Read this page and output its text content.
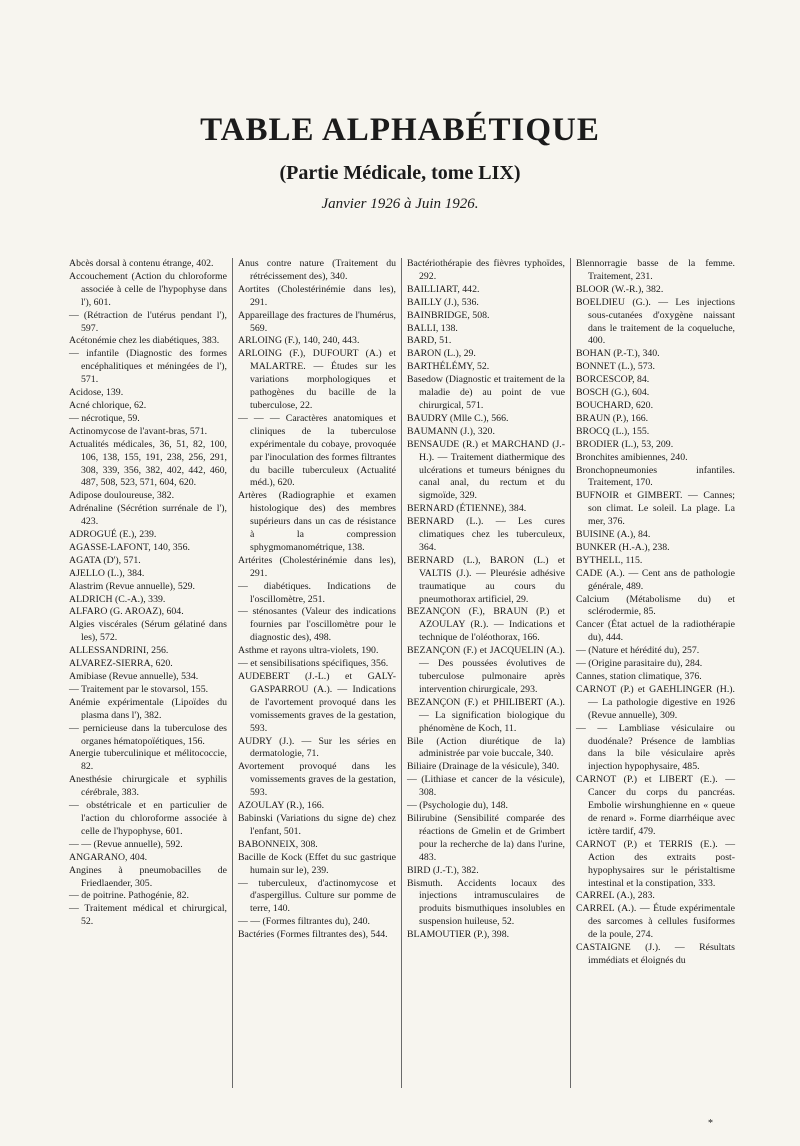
TABLE ALPHABÉTIQUE
(Partie Médicale, tome LIX)

Janvier 1926 à Juin 1926.

Abcès dorsal à contenu étrange, 402.

Accouchement (Action du chloroforme associée à celle de l'hypophyse dans l'), 601.

— (Rétraction de l'utérus pendant l'), 597.

Acétonémie chez les diabétiques, 383.

— infantile (Diagnostic des formes encéphalitiques et méningées de l'), 571.

Acidose, 139.

Acné chlorique, 62.

— nécrotique, 59.

Actinomycose de l'avant-bras, 571.

Actualités médicales, 36, 51, 82, 100, 106, 138, 155, 191, 238, 256, 291, 308, 339, 356, 382, 402, 442, 460, 487, 508, 523, 571, 604, 620.

Adipose douloureuse, 382.

Adrénaline (Sécrétion surrénale de l'), 423.

ADROGUÉ (E.), 239.

AGASSE-LAFONT, 140, 356.

AGATA (D'), 571.

AJELLO (L.), 384.

Alastrim (Revue annuelle), 529.

ALDRICH (C.-A.), 339.

ALFARO (G. AROAZ), 604.

Algies viscérales (Sérum gélatiné dans les), 572.

ALLESSANDRINI, 256.

ALVAREZ-SIERRA, 620.

Amibiase (Revue annuelle), 534.

— Traitement par le stovarsol, 155.

Anémie expérimentale (Lipoïdes du plasma dans l'), 382.

— pernicieuse dans la tuberculose des organes hématopoïétiques, 156.

Anergie tuberculinique et mélitococcie, 82.

Anesthésie chirurgicale et syphilis cérébrale, 383.

— obstétricale et en particulier de l'action du chloroforme associée à celle de l'hypophyse, 601.

— — (Revue annuelle), 592.

ANGARANO, 404.

Angines à pneumobacilles de Friedlaender, 305.

— de poitrine. Pathogénie, 82.

— Traitement médical et chirurgical, 52.

Anus contre nature (Traitement du rétrécissement des), 340.

Aortites (Cholestérinémie dans les), 291.

Appareillage des fractures de l'humérus, 569.

ARLOING (F.), 140, 240, 443.

ARLOING (F.), DUFOURT (A.) et MALARTRE. — Études sur les variations morphologiques et pathogènes du bacille de la tuberculose, 22.

— — — Caractères anatomiques et cliniques de la tuberculose expérimentale du cobaye, provoquée par l'inoculation des formes filtrantes du bacille tuberculeux (Actualité méd.), 620.

Artères (Radiographie et examen histologique des) des membres supérieurs dans un cas de résistance à la compression sphygmomanométrique, 138.

Artérites (Cholestérinémie dans les), 291.

— diabétiques. Indications de l'oscillomètre, 251.

— sténosantes (Valeur des indications fournies par l'oscillomètre pour le diagnostic des), 498.

Asthme et rayons ultra-violets, 190.

— et sensibilisations spécifiques, 356.

AUDEBERT (J.-L.) et GALY-GASPARROU (A.). — Indications de l'avortement provoqué dans les vomissements graves de la gestation, 593.

AUDRY (J.). — Sur les séries en dermatologie, 71.

Avortement provoqué dans les vomissements graves de la gestation, 593.

AZOULAY (R.), 166.

Babinski (Variations du signe de) chez l'enfant, 501.

BABONNEIX, 308.

Bacille de Kock (Effet du suc gastrique humain sur le), 239.

— tuberculeux, d'actinomycose et d'aspergillus. Culture sur pomme de terre, 140.

— — (Formes filtrantes du), 240.

Bactéries (Formes filtrantes des), 544.

Bactériothérapie des fièvres typhoïdes, 292.

BAILLIART, 442.

BAILLY (J.), 536.

BAINBRIDGE, 508.

BALLI, 138.

BARD, 51.

BARON (L.), 29.

BARTHÉLÉMY, 52.

Basedow (Diagnostic et traitement de la maladie de) au point de vue chirurgical, 571.

BAUDRY (Mlle C.), 566.

BAUMANN (J.), 320.

BENSAUDE (R.) et MARCHAND (J.-H.). — Traitement diathermique des ulcérations et tumeurs bénignes du canal anal, du rectum et du sigmoïde, 329.

BERNARD (ÉTIENNE), 384.

BERNARD (L.). — Les cures climatiques chez les tuberculeux, 364.

BERNARD (L.), BARON (L.) et VALTIS (J.). — Pleurésie adhésive traumatique au cours du pneumothorax artificiel, 29.

BEZANÇON (F.), BRAUN (P.) et AZOULAY (R.). — Indications et technique de l'oléothorax, 166.

BEZANÇON (F.) et JACQUELIN (A.). — Des poussées évolutives de tuberculose pulmonaire après intervention chirurgicale, 293.

BEZANÇON (F.) et PHILIBERT (A.). — La signification biologique du phénomène de Koch, 11.

Bile (Action diurétique de la) administrée par voie buccale, 340.

Biliaire (Drainage de la vésicule), 340.

— (Lithiase et cancer de la vésicule), 308.

— (Psychologie du), 148.

Bilirubine (Sensibilité comparée des réactions de Gmelin et de Grimbert pour la recherche de la) dans l'urine, 483.

BIRD (J.-T.), 382.

Bismuth. Accidents locaux des injections intramusculaires de produits bismuthiques insolubles en suspension huileuse, 52.

BLAMOUTIER (P.), 398.

Blennorragie basse de la femme. Traitement, 231.

BLOOR (W.-R.), 382.

BOELDIEU (G.). — Les injections sous-cutanées d'oxygène naissant dans le traitement de la coqueluche, 400.

BOHAN (P.-T.), 340.

BONNET (L.), 573.

BORCESCOP, 84.

BOSCH (G.), 604.

BOUCHARD, 620.

BRAUN (P.), 166.

BROCQ (L.), 155.

BRODIER (L.), 53, 209.

Bronchites amibiennes, 240.

Bronchopneumonies infantiles. Traitement, 170.

BUFNOIR et GIMBERT. — Cannes; son climat. Le soleil. La plage. La mer, 376.

BUISINE (A.), 84.

BUNKER (H.-A.), 238.

BYTHELL, 115.

CADE (A.). — Cent ans de pathologie générale, 489.

Calcium (Métabolisme du) et sclérodermie, 85.

Cancer (État actuel de la radiothérapie du), 444.

— (Nature et hérédité du), 257.

— (Origine parasitaire du), 284.

Cannes, station climatique, 376.

CARNOT (P.) et GAEHLINGER (H.). — La pathologie digestive en 1926 (Revue annuelle), 309.

— — Lambliase vésiculaire ou duodénale? Présence de lamblias dans la bile vésiculaire après injection hypophysaire, 485.

CARNOT (P.) et LIBERT (E.). — Cancer du corps du pancréas. Embolie wirshunghienne en « queue de renard ». Forme diarrhéique avec ictère tardif, 479.

CARNOT (P.) et TERRIS (E.). — Action des extraits post-hypophysaires sur le péristaltisme intestinal et la constipation, 333.

CARREL (A.), 283.

CARREL (A.). — Étude expérimentale des sarcomes à cellules fusiformes de la poule, 274.

CASTAIGNE (J.). — Résultats immédiats et éloignés du

*
